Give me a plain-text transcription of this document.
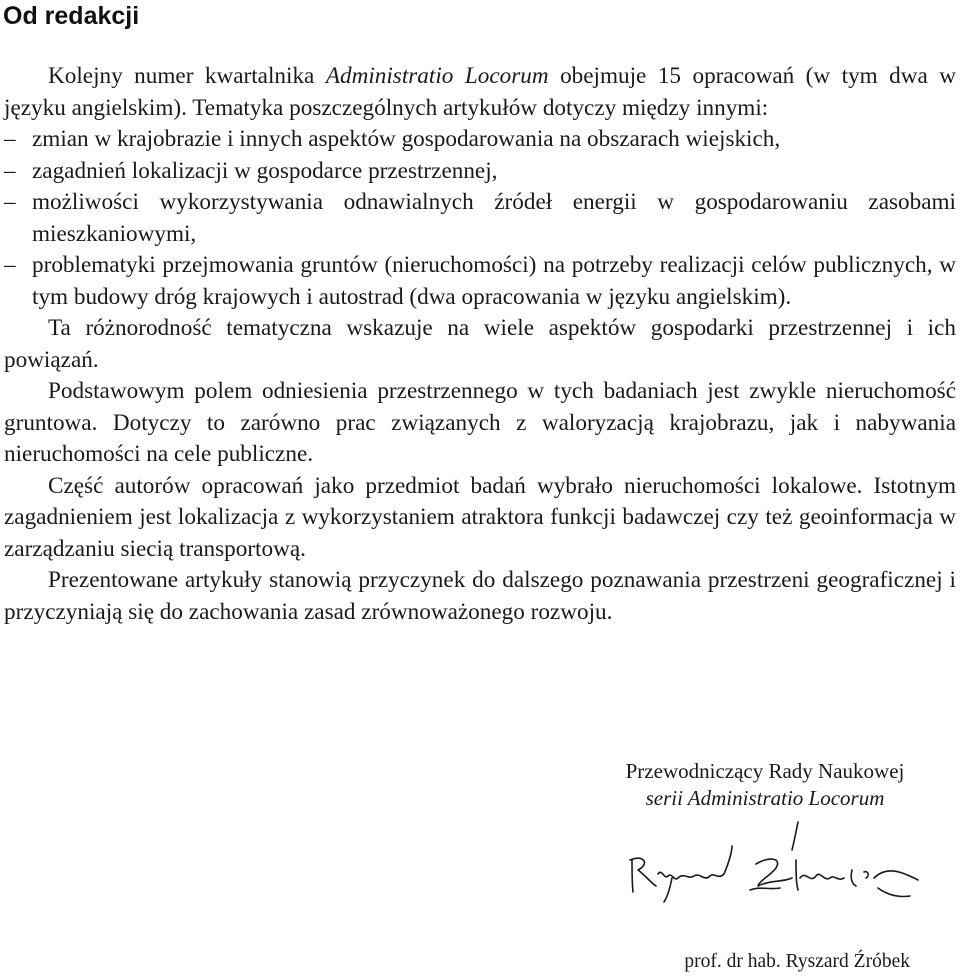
Od redakcji

Kolejny numer kwartalnika Administratio Locorum obejmuje 15 opracowań (w tym dwa w języku angielskim). Tematyka poszczególnych artykułów dotyczy między innymi:

– zmian w krajobrazie i innych aspektów gospodarowania na obszarach wiejskich,
– zagadnień lokalizacji w gospodarce przestrzennej,
– możliwości wykorzystywania odnawialnych źródeł energii w gospodarowaniu zasobami mieszkaniowymi,
– problematyki przejmowania gruntów (nieruchomości) na potrzeby realizacji celów publicznych, w tym budowy dróg krajowych i autostrad (dwa opracowania w języku angielskim).

Ta różnorodność tematyczna wskazuje na wiele aspektów gospodarki przestrzennej i ich powiązań.

Podstawowym polem odniesienia przestrzennego w tych badaniach jest zwykle nieruchomość gruntowa. Dotyczy to zarówno prac związanych z waloryzacją krajobrazu, jak i nabywania nieruchomości na cele publiczne.

Część autorów opracowań jako przedmiot badań wybrało nieruchomości lokalowe. Istotnym zagadnieniem jest lokalizacja z wykorzystaniem atraktora funkcji badawczej czy też geoinformacja w zarządzaniu siecią transportową.

Prezentowane artykuły stanowią przyczynek do dalszego poznawania przestrzeni geograficznej i przyczyniają się do zachowania zasad zrównoważonego rozwoju.

Przewodniczący Rady Naukowej
serii Administratio Locorum
prof. dr hab. Ryszard Źróbek
